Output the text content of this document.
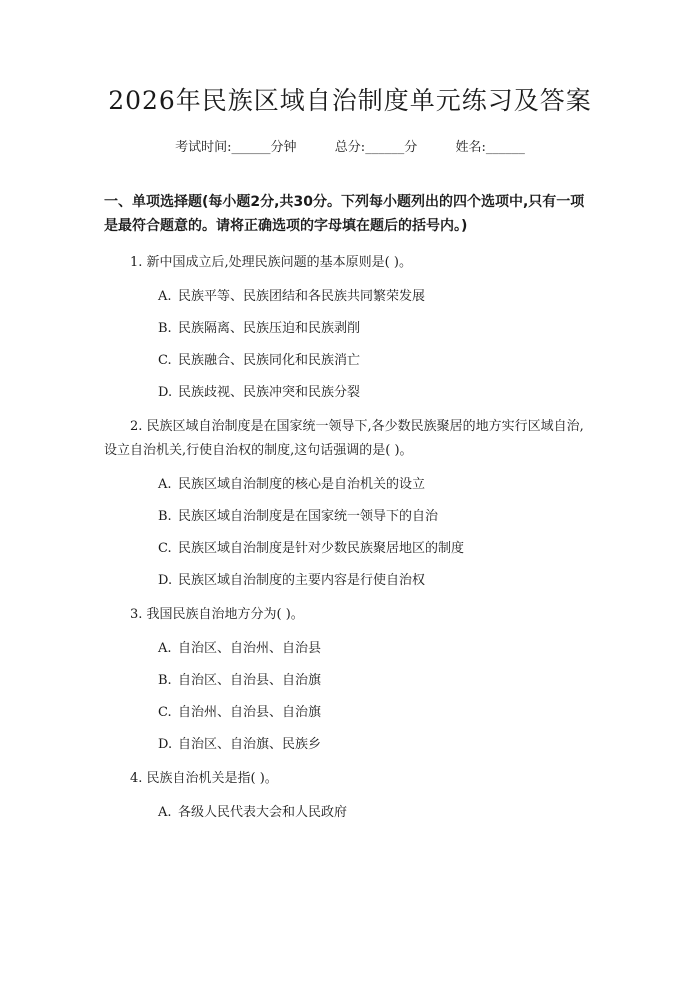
2026年民族区域自治制度单元练习及答案
考试时间:______分钟	总分:______分	姓名:______
一、单项选择题(每小题2分,共30分。下列每小题列出的四个选项中,只有一项是最符合题意的。请将正确选项的字母填在题后的括号内。)

1. 新中国成立后,处理民族问题的基本原则是( )。

A. 民族平等、民族团结和各民族共同繁荣发展
B. 民族隔离、民族压迫和民族剥削
C. 民族融合、民族同化和民族消亡
D. 民族歧视、民族冲突和民族分裂

2. 民族区域自治制度是在国家统一领导下,各少数民族聚居的地方实行区域自治,设立自治机关,行使自治权的制度,这句话强调的是( )。

A. 民族区域自治制度的核心是自治机关的设立
B. 民族区域自治制度是在国家统一领导下的自治
C. 民族区域自治制度是针对少数民族聚居地区的制度
D. 民族区域自治制度的主要内容是行使自治权

3. 我国民族自治地方分为( )。

A. 自治区、自治州、自治县
B. 自治区、自治县、自治旗
C. 自治州、自治县、自治旗
D. 自治区、自治旗、民族乡

4. 民族自治机关是指( )。

A. 各级人民代表大会和人民政府
